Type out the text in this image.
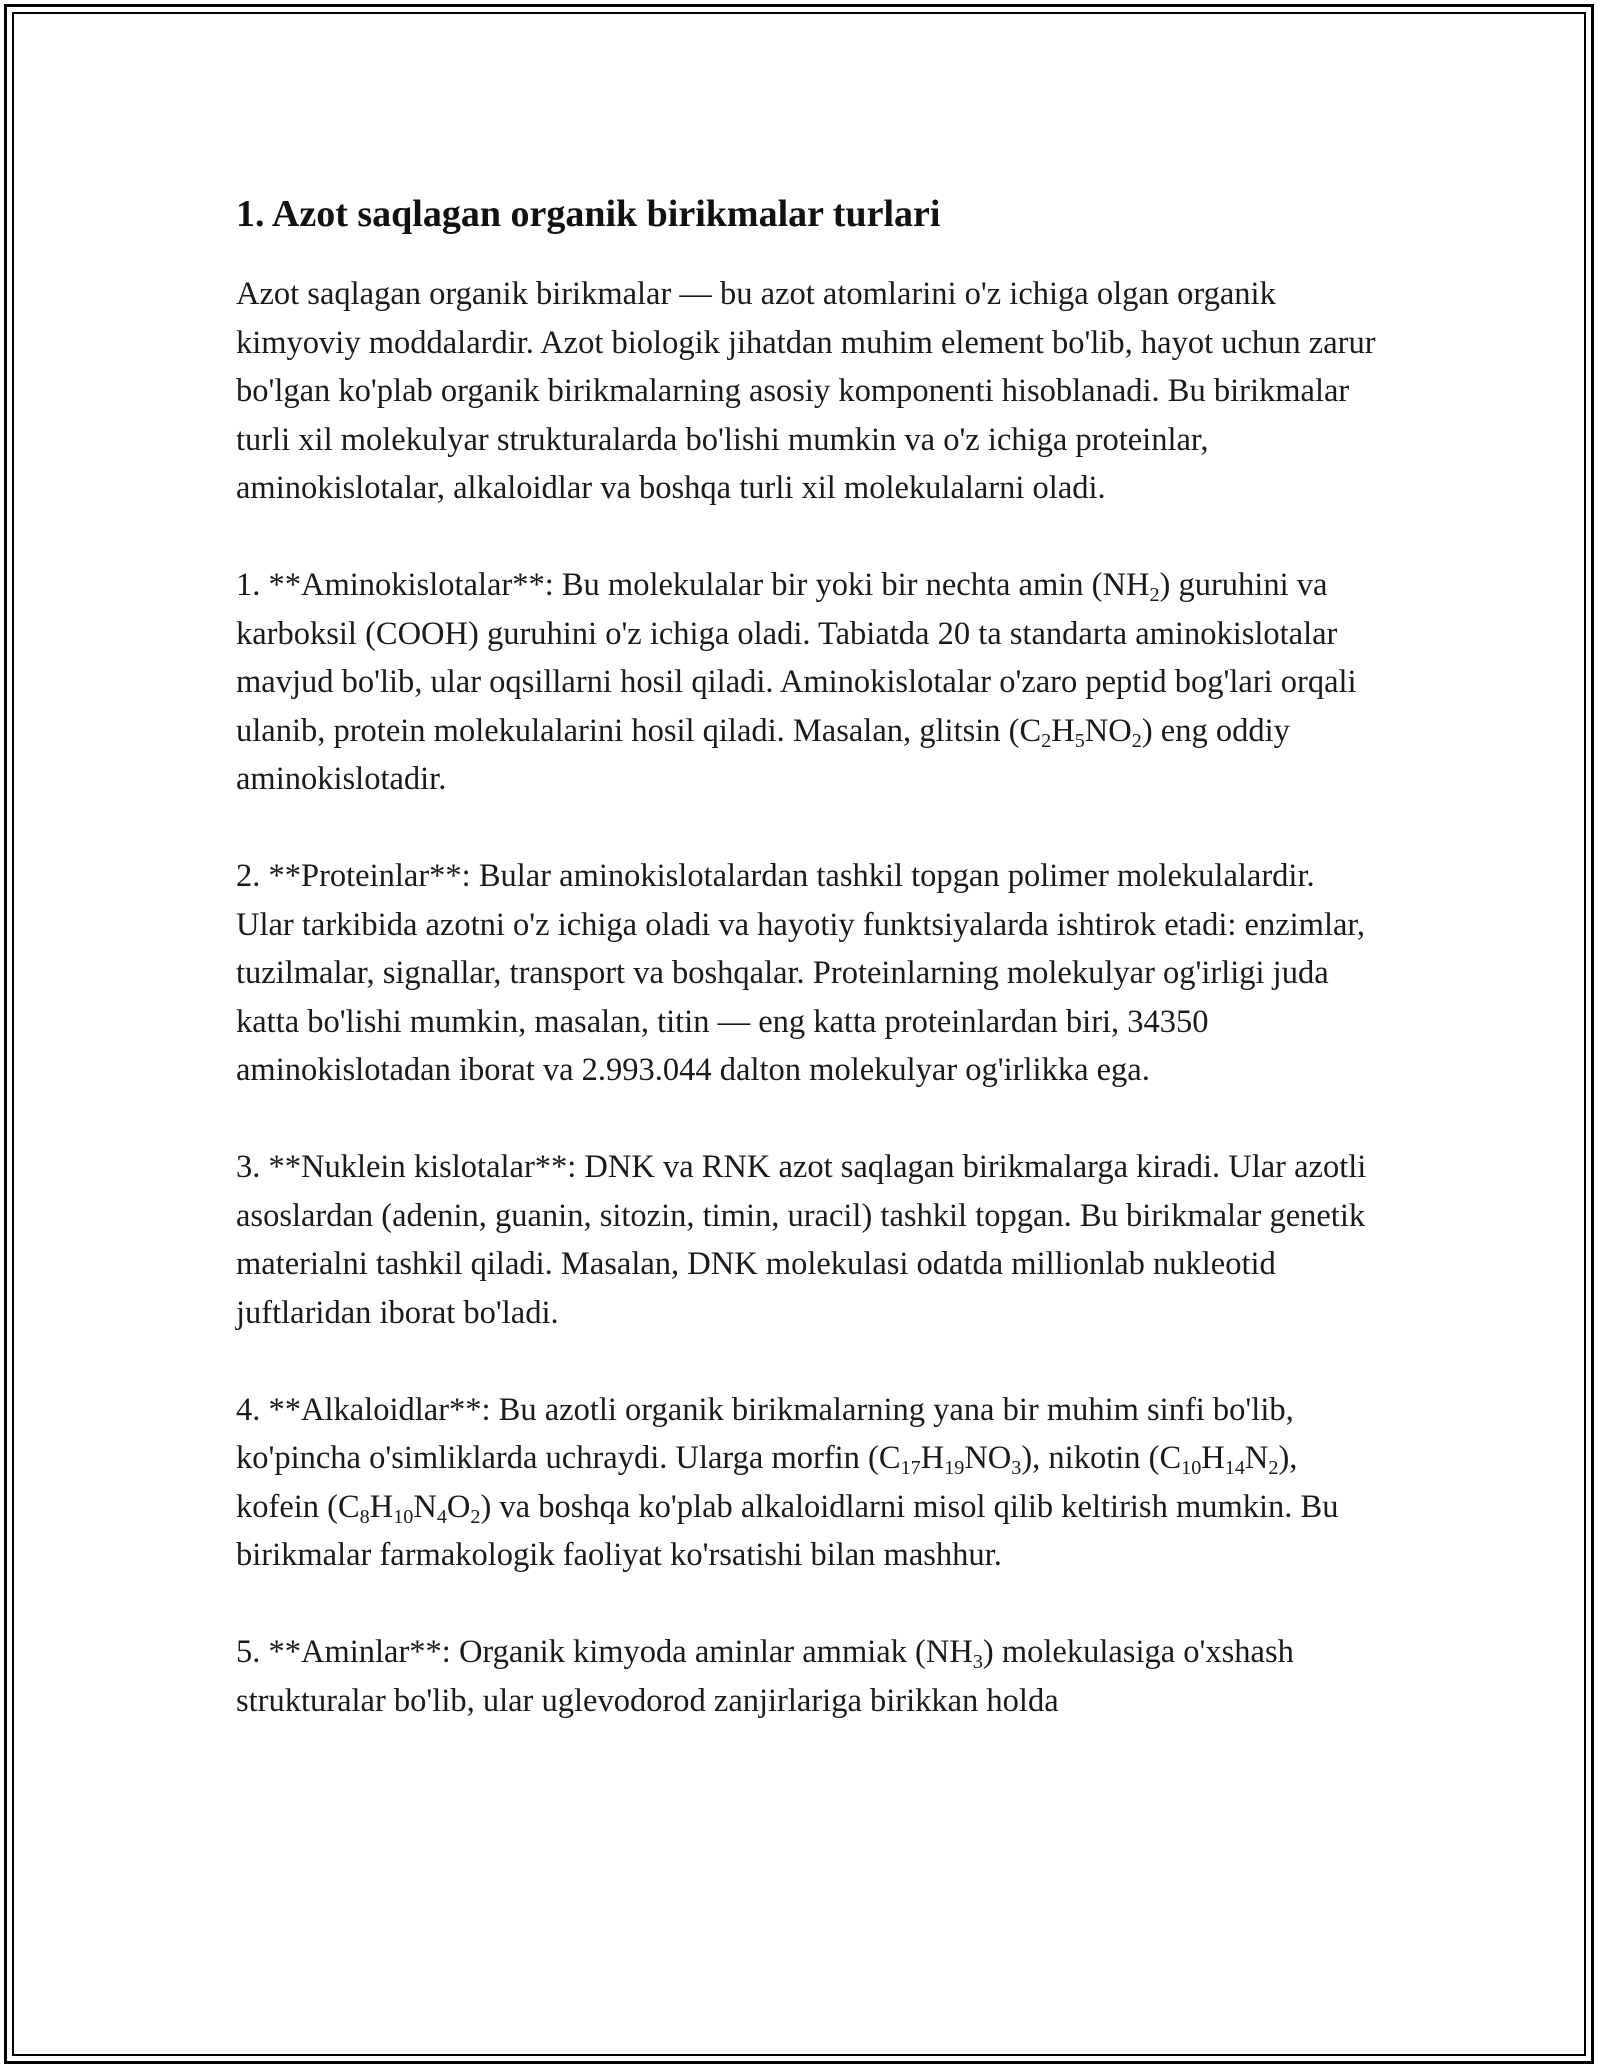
1. Azot saqlagan organik birikmalar turlari

Azot saqlagan organik birikmalar — bu azot atomlarini o'z ichiga olgan organik kimyoviy moddalardir. Azot biologik jihatdan muhim element bo'lib, hayot uchun zarur bo'lgan ko'plab organik birikmalarning asosiy komponenti hisoblanadi. Bu birikmalar turli xil molekulyar strukturalarda bo'lishi mumkin va o'z ichiga proteinlar, aminokislotalar, alkaloidlar va boshqa turli xil molekulalarni oladi.

1. **Aminokislotalar**: Bu molekulalar bir yoki bir nechta amin $(NH_2)$ guruhini va karboksil (COOH) guruhini o'z ichiga oladi. Tabiatda 20 ta standarta aminokislotalar mavjud bo'lib, ular oqsillarni hosil qiladi. Aminokislotalar o'zaro peptid bog'lari orqali ulanib, protein molekulalarini hosil qiladi. Masalan, glitsin $(C_2H_5NO_2)$ eng oddiy aminokislotadir.

2. **Proteinlar**: Bular aminokislotalardan tashkil topgan polimer molekulalardir. Ular tarkibida azotni o'z ichiga oladi va hayotiy funktsiyalarda ishtirok etadi: enzimlar, tuzilmalar, signallar, transport va boshqalar. Proteinlarning molekulyar og'irligi juda katta bo'lishi mumkin, masalan, titin — eng katta proteinlardan biri, 34350 aminokislotadan iborat va 2.993.044 dalton molekulyar og'irlikka ega.

3. **Nuklein kislotalar**: DNK va RNK azot saqlagan birikmalarga kiradi. Ular azotli asoslardan (adenin, guanin, sitozin, timin, uracil) tashkil topgan. Bu birikmalar genetik materialni tashkil qiladi. Masalan, DNK molekulasi odatda millionlab nukleotid juftlaridan iborat bo'ladi.

4. **Alkaloidlar**: Bu azotli organik birikmalarning yana bir muhim sinfi bo'lib, ko'pincha o'simliklarda uchraydi. Ularga morfin $(C_{17}H_{19}NO_3)$, nikotin $(C_{10}H_{14}N_2)$, kofein $(C_8H_{10}N_4O_2)$ va boshqa ko'plab alkaloidlarni misol qilib keltirish mumkin. Bu birikmalar farmakologik faoliyat ko'rsatishi bilan mashhur.

5. **Aminlar**: Organik kimyoda aminlar ammiak $(NH_3)$ molekulasiga o'xshash strukturalar bo'lib, ular uglevodorod zanjirlariga birikkan holda
